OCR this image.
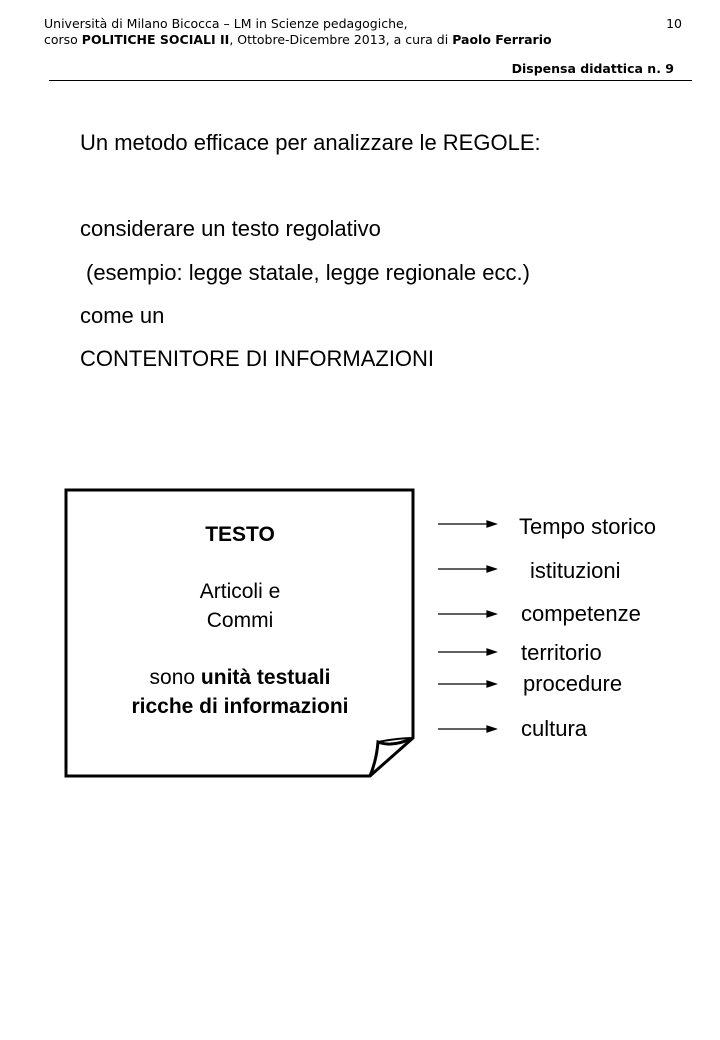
Università di Milano Bicocca – LM in Scienze pedagogiche,
corso POLITICHE SOCIALI II, Ottobre-Dicembre 2013, a cura di Paolo Ferrario
10
Dispensa didattica n. 9
Un metodo efficace per analizzare le REGOLE:
considerare un testo regolativo
(esempio: legge statale, legge regionale ecc.)
come un
CONTENITORE DI INFORMAZIONI
TESTO
Articoli e
Commi
sono unità testuali
ricche di informazioni
Tempo storico
istituzioni
competenze
territorio
procedure
cultura
